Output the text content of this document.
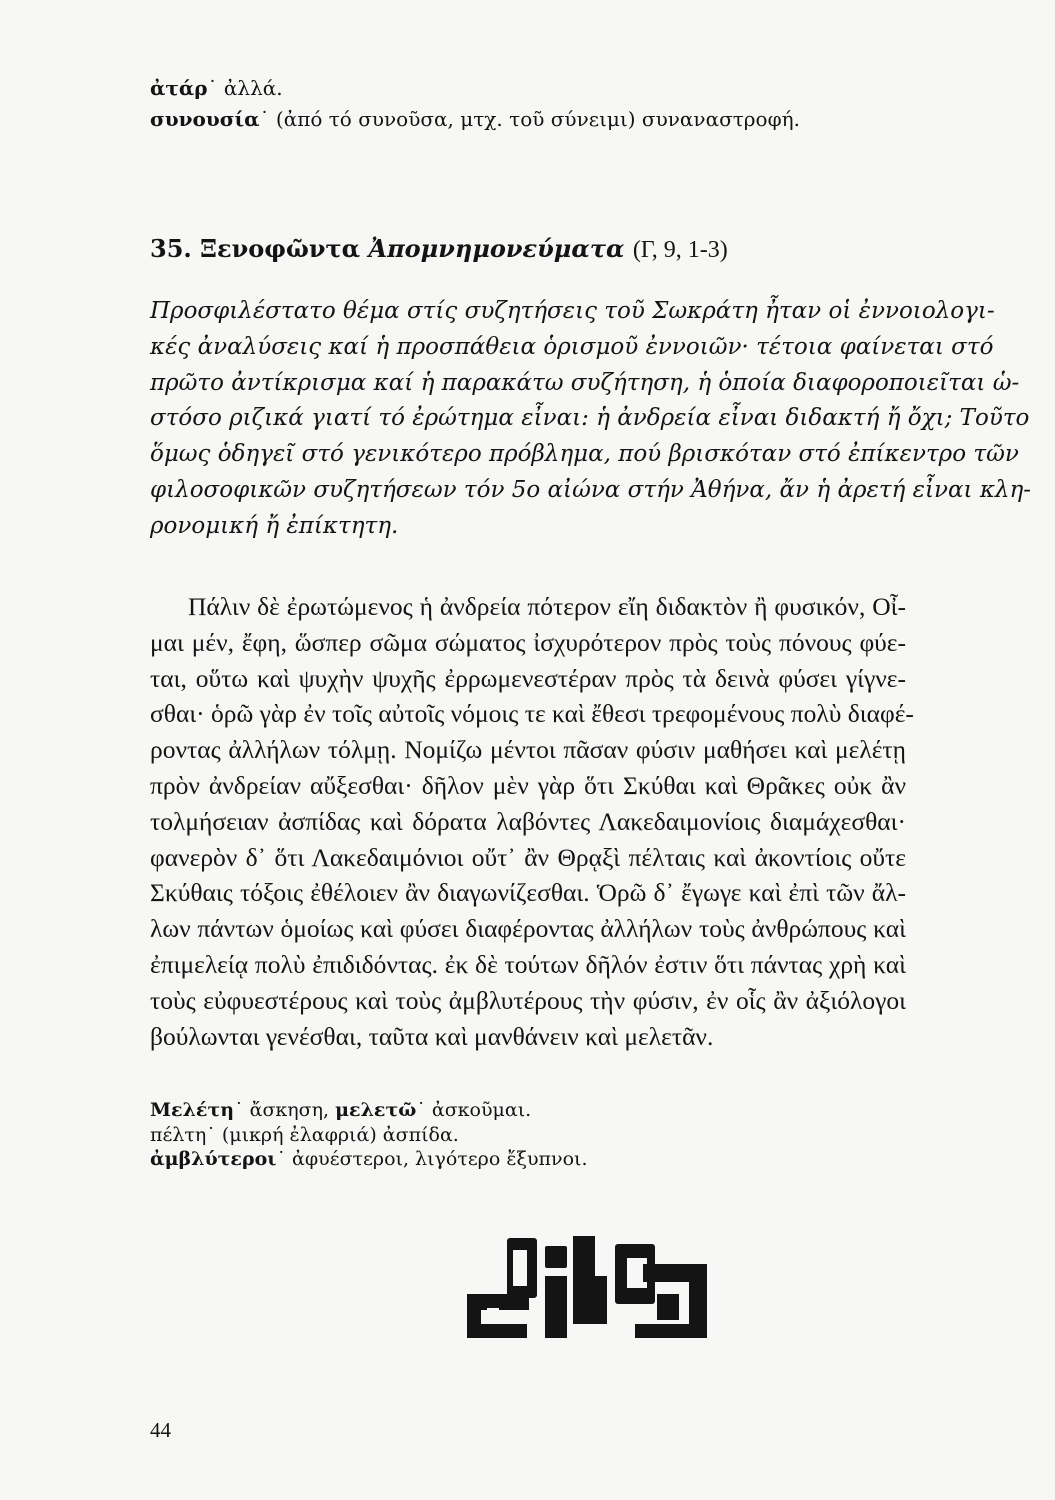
ἀτάρ˙ ἀλλά.
συνουσία˙ (ἀπό τό συνοῦσα, μτχ. τοῦ σύνειμι) συναναστροφή.
35. Ξενοφῶντα Ἀπομνημονεύματα (Γ, 9, 1-3)
Προσφιλέστατο θέμα στίς συζητήσεις τοῦ Σωκράτη ἦταν οἱ ἐννοιολογι-
κές ἀναλύσεις καί ἡ προσπάθεια ὁρισμοῦ ἐννοιῶν· τέτοια φαίνεται στό
πρῶτο ἀντίκρισμα καί ἡ παρακάτω συζήτηση, ἡ ὁποία διαφοροποιεῖται ὡ-
στόσο ριζικά γιατί τό ἐρώτημα εἶναι: ἡ ἀνδρεία εἶναι διδακτή ἤ ὄχι; Τοῦτο
ὅμως ὁδηγεῖ στό γενικότερο πρόβλημα, πού βρισκόταν στό ἐπίκεντρο τῶν
φιλοσοφικῶν συζητήσεων τόν 5ο αἰώνα στήν Ἀθήνα, ἄν ἡ ἀρετή εἶναι κλη-
ρονομική ἤ ἐπίκτητη.
Πάλιν δὲ ἐρωτώμενος ἡ ἀνδρεία πότερον εἴη διδακτὸν ἢ φυσικόν, Οἶ-
μαι μέν, ἔφη, ὥσπερ σῶμα σώματος ἰσχυρότερον πρὸς τοὺς πόνους φύε-
ται, οὕτω καὶ ψυχὴν ψυχῆς ἐρρωμενεστέραν πρὸς τὰ δεινὰ φύσει γίγνε-
σθαι· ὁρῶ γὰρ ἐν τοῖς αὐτοῖς νόμοις τε καὶ ἔθεσι τρεφομένους πολὺ διαφέ-
ροντας ἀλλήλων τόλμῃ. Νομίζω μέντοι πᾶσαν φύσιν μαθήσει καὶ μελέτῃ
πρὸν ἀνδρείαν αὔξεσθαι· δῆλον μὲν γὰρ ὅτι Σκύθαι καὶ Θρᾶκες οὐκ ἂν
τολμήσειαν ἀσπίδας καὶ δόρατα λαβόντες Λακεδαιμονίοις διαμάχεσθαι·
φανερὸν δ᾽ ὅτι Λακεδαιμόνιοι οὔτ᾽ ἂν Θρᾳξὶ πέλταις καὶ ἀκοντίοις οὔτε
Σκύθαις τόξοις ἐθέλοιεν ἂν διαγωνίζεσθαι. Ὁρῶ δ᾽ ἔγωγε καὶ ἐπὶ τῶν ἄλ-
λων πάντων ὁμοίως καὶ φύσει διαφέροντας ἀλλήλων τοὺς ἀνθρώπους καὶ
ἐπιμελείᾳ πολὺ ἐπιδιδόντας. ἐκ δὲ τούτων δῆλόν ἐστιν ὅτι πάντας χρὴ καὶ
τοὺς εὐφυεστέρους καὶ τοὺς ἀμβλυτέρους τὴν φύσιν, ἐν οἷς ἂν ἀξιόλογοι
βούλωνται γενέσθαι, ταῦτα καὶ μανθάνειν καὶ μελετᾶν.
Μελέτη˙ ἄσκηση, μελετῶ˙ ἀσκοῦμαι.
πέλτη˙ (μικρή ἐλαφριά) ἀσπίδα.
ἀμβλύτεροι˙ ἀφυέστεροι, λιγότερο ἔξυπνοι.
44
